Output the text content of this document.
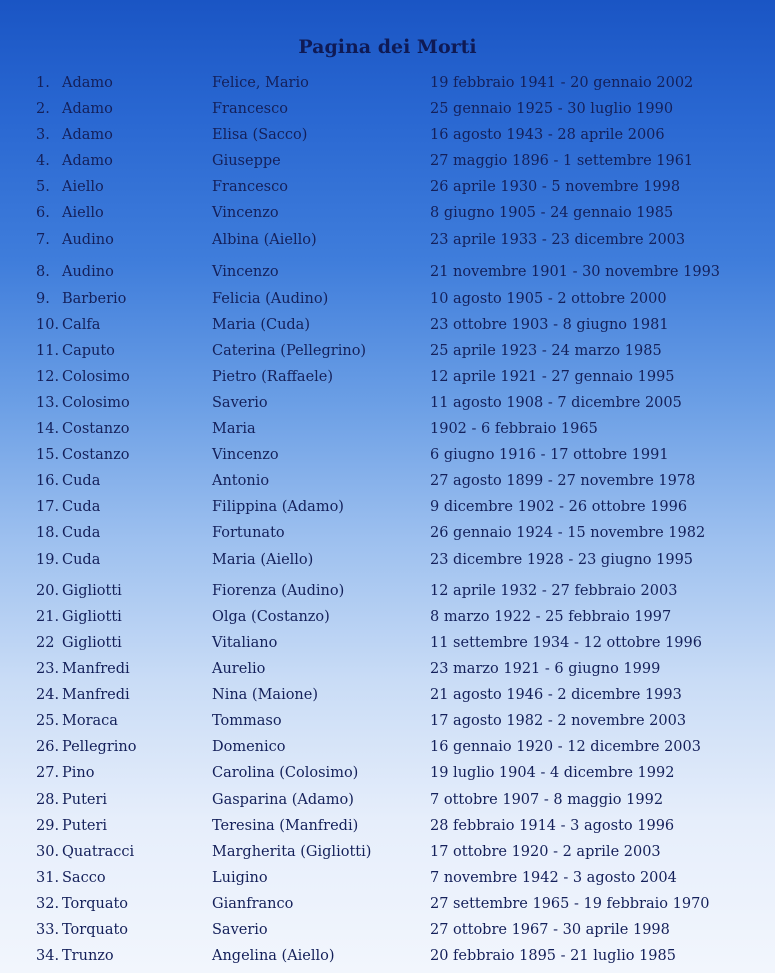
Pagina dei Morti
1. Adamo	Felice, Mario	19 febbraio 1941 - 20 gennaio 2002
2. Adamo	Francesco	25 gennaio 1925 - 30 luglio 1990
3. Adamo	Elisa (Sacco)	16 agosto 1943 - 28 aprile 2006
4. Adamo	Giuseppe	27 maggio 1896 - 1 settembre 1961
5. Aiello	Francesco	26 aprile 1930 - 5 novembre 1998
6. Aiello	Vincenzo	8 giugno 1905 - 24 gennaio 1985
7. Audino	Albina (Aiello)	23 aprile 1933 - 23 dicembre 2003
8. Audino	Vincenzo	21 novembre 1901 - 30 novembre 1993
9. Barberio	Felicia (Audino)	10 agosto 1905 - 2 ottobre 2000
10. Calfa	Maria (Cuda)	23 ottobre 1903 - 8 giugno 1981
11. Caputo	Caterina (Pellegrino)	25 aprile 1923 - 24 marzo 1985
12. Colosimo	Pietro (Raffaele)	12 aprile 1921 - 27 gennaio 1995
13. Colosimo	Saverio	11 agosto 1908 - 7 dicembre 2005
14. Costanzo	Maria	1902 - 6 febbraio 1965
15. Costanzo	Vincenzo	6 giugno 1916 - 17 ottobre 1991
16. Cuda	Antonio	27 agosto 1899 - 27 novembre 1978
17. Cuda	Filippina (Adamo)	9 dicembre 1902 - 26 ottobre 1996
18. Cuda	Fortunato	26 gennaio 1924 - 15 novembre 1982
19. Cuda	Maria (Aiello)	23 dicembre 1928 - 23 giugno 1995
20. Gigliotti	Fiorenza (Audino)	12 aprile 1932 - 27 febbraio 2003
21. Gigliotti	Olga (Costanzo)	8 marzo 1922 - 25 febbraio 1997
22 Gigliotti	Vitaliano	11 settembre 1934 - 12 ottobre 1996
23. Manfredi	Aurelio	23 marzo 1921 - 6 giugno 1999
24. Manfredi	Nina (Maione)	21 agosto 1946 - 2 dicembre 1993
25. Moraca	Tommaso	17 agosto 1982 - 2 novembre 2003
26. Pellegrino	Domenico	16 gennaio 1920 - 12 dicembre 2003
27. Pino	Carolina (Colosimo)	19 luglio 1904 - 4 dicembre 1992
28. Puteri	Gasparina (Adamo)	7 ottobre 1907 - 8 maggio 1992
29. Puteri	Teresina (Manfredi)	28 febbraio 1914 - 3 agosto 1996
30. Quatracci	Margherita (Gigliotti)	17 ottobre 1920 - 2 aprile 2003
31. Sacco	Luigino	7 novembre 1942 - 3 agosto 2004
32. Torquato	Gianfranco	27 settembre 1965 - 19 febbraio 1970
33. Torquato	Saverio	27 ottobre 1967 - 30 aprile 1998
34. Trunzo	Angelina (Aiello)	20 febbraio 1895 - 21 luglio 1985
